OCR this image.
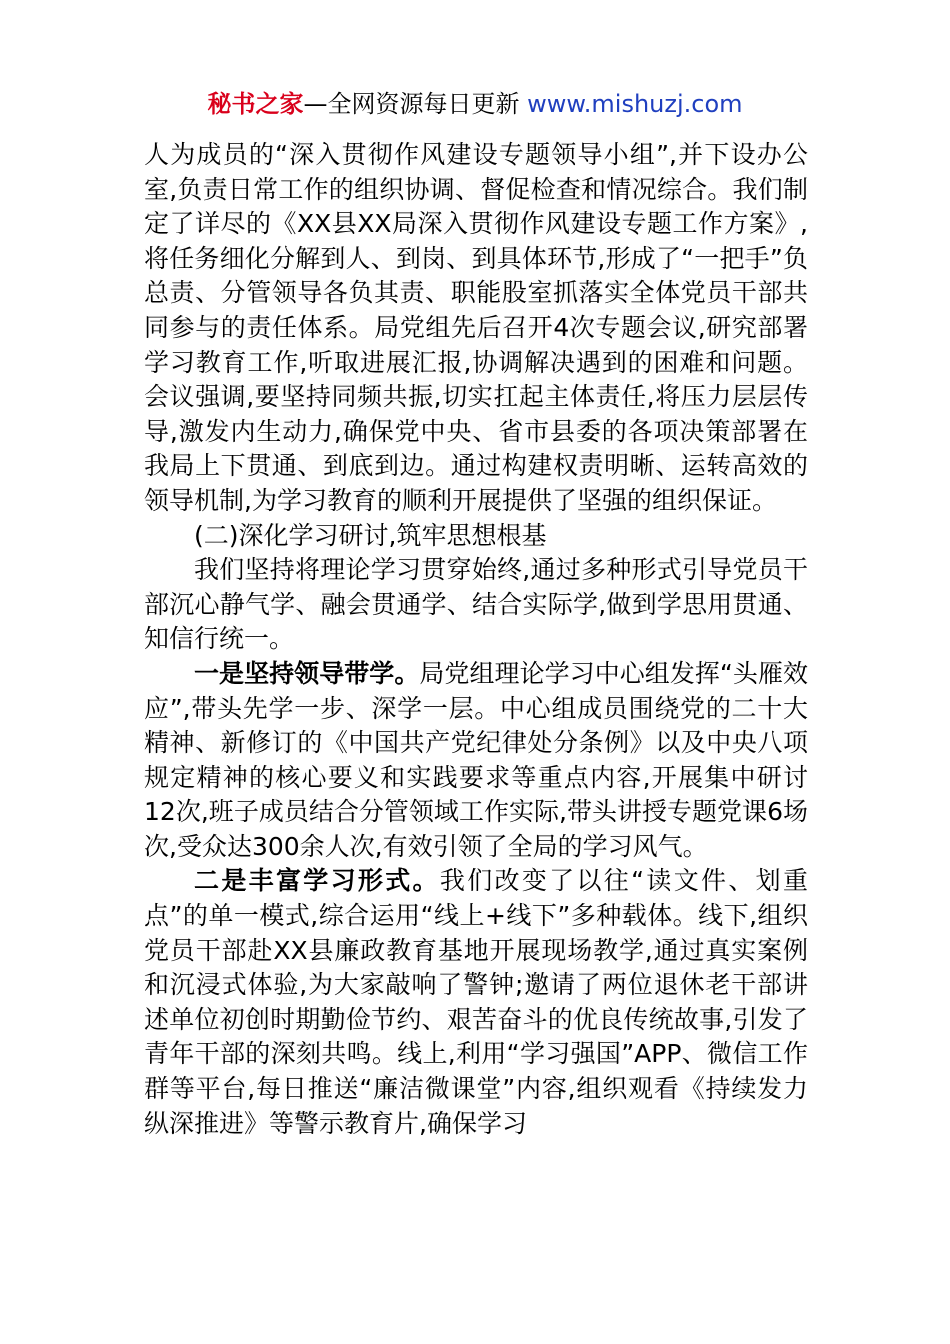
秘书之家—全网资源每日更新 www.mishuzj.com

人为成员的“深入贯彻作风建设专题领导小组”,并下设办公室,负责日常工作的组织协调、督促检查和情况综合。我们制定了详尽的《XX县XX局深入贯彻作风建设专题工作方案》,将任务细化分解到人、到岗、到具体环节,形成了“一把手”负总责、分管领导各负其责、职能股室抓落实全体党员干部共同参与的责任体系。局党组先后召开4次专题会议,研究部署学习教育工作,听取进展汇报,协调解决遇到的困难和问题。会议强调,要坚持同频共振,切实扛起主体责任,将压力层层传导,激发内生动力,确保党中央、省市县委的各项决策部署在我局上下贯通、到底到边。通过构建权责明晰、运转高效的领导机制,为学习教育的顺利开展提供了坚强的组织保证。

(二)深化学习研讨,筑牢思想根基

我们坚持将理论学习贯穿始终,通过多种形式引导党员干部沉心静气学、融会贯通学、结合实际学,做到学思用贯通、知信行统一。

一是坚持领导带学。局党组理论学习中心组发挥“头雁效应”,带头先学一步、深学一层。中心组成员围绕党的二十大精神、新修订的《中国共产党纪律处分条例》以及中央八项规定精神的核心要义和实践要求等重点内容,开展集中研讨12次,班子成员结合分管领域工作实际,带头讲授专题党课6场次,受众达300余人次,有效引领了全局的学习风气。

二是丰富学习形式。我们改变了以往“读文件、划重点”的单一模式,综合运用“线上+线下”多种载体。线下,组织党员干部赴XX县廉政教育基地开展现场教学,通过真实案例和沉浸式体验,为大家敲响了警钟;邀请了两位退休老干部讲述单位初创时期勤俭节约、艰苦奋斗的优良传统故事,引发了青年干部的深刻共鸣。线上,利用“学习强国”APP、微信工作群等平台,每日推送“廉洁微课堂”内容,组织观看《持续发力纵深推进》等警示教育片,确保学习
